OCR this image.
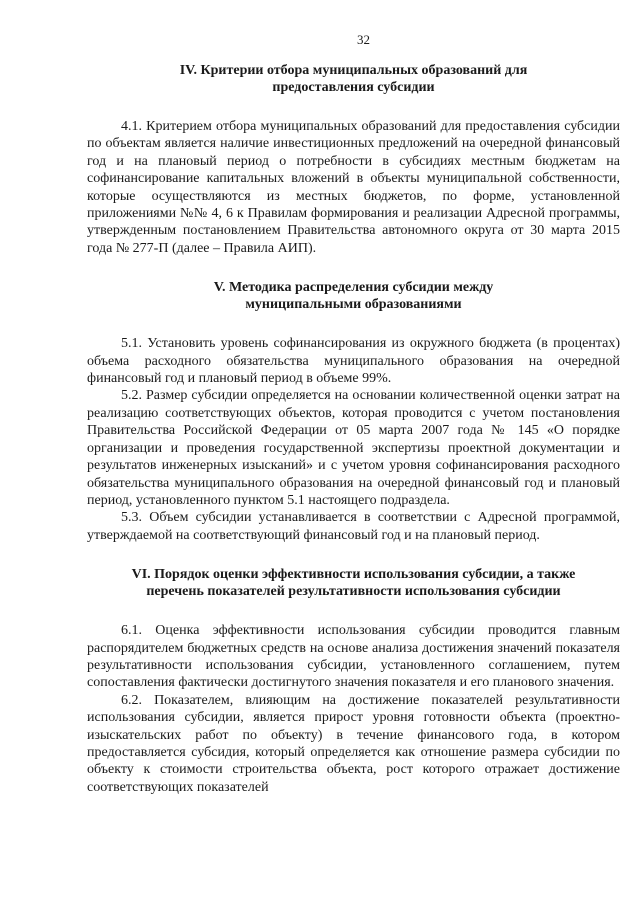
32
IV. Критерии отбора муниципальных образований для
предоставления субсидии

4.1. Критерием отбора муниципальных образований для предоставления субсидии по объектам является наличие инвестиционных предложений на очередной финансовый год и на плановый период о потребности в субсидиях местным бюджетам на софинансирование капитальных вложений в объекты муниципальной собственности, которые осуществляются из местных бюджетов, по форме, установленной приложениями №№ 4, 6 к Правилам формирования и реализации Адресной программы, утвержденным постановлением Правительства автономного округа от 30 марта 2015 года № 277-П (далее – Правила АИП).

V. Методика распределения субсидии между
муниципальными образованиями

5.1. Установить уровень софинансирования из окружного бюджета (в процентах) объема расходного обязательства муниципального образования на очередной финансовый год и плановый период в объеме 99%.

5.2. Размер субсидии определяется на основании количественной оценки затрат на реализацию соответствующих объектов, которая проводится с учетом постановления Правительства Российской Федерации от 05 марта 2007 года № 145 «О порядке организации и проведения государственной экспертизы проектной документации и результатов инженерных изысканий» и с учетом уровня софинансирования расходного обязательства муниципального образования на очередной финансовый год и плановый период, установленного пунктом 5.1 настоящего подраздела.

5.3. Объем субсидии устанавливается в соответствии с Адресной программой, утверждаемой на соответствующий финансовый год и на плановый период.

VI. Порядок оценки эффективности использования субсидии, а также
перечень показателей результативности использования субсидии

6.1. Оценка эффективности использования субсидии проводится главным распорядителем бюджетных средств на основе анализа достижения значений показателя результативности использования субсидии, установленного соглашением, путем сопоставления фактически достигнутого значения показателя и его планового значения.

6.2. Показателем, влияющим на достижение показателей результативности использования субсидии, является прирост уровня готовности объекта (проектно-изыскательских работ по объекту) в течение финансового года, в котором предоставляется субсидия, который определяется как отношение размера субсидии по объекту к стоимости строительства объекта, рост которого отражает достижение соответствующих показателей
